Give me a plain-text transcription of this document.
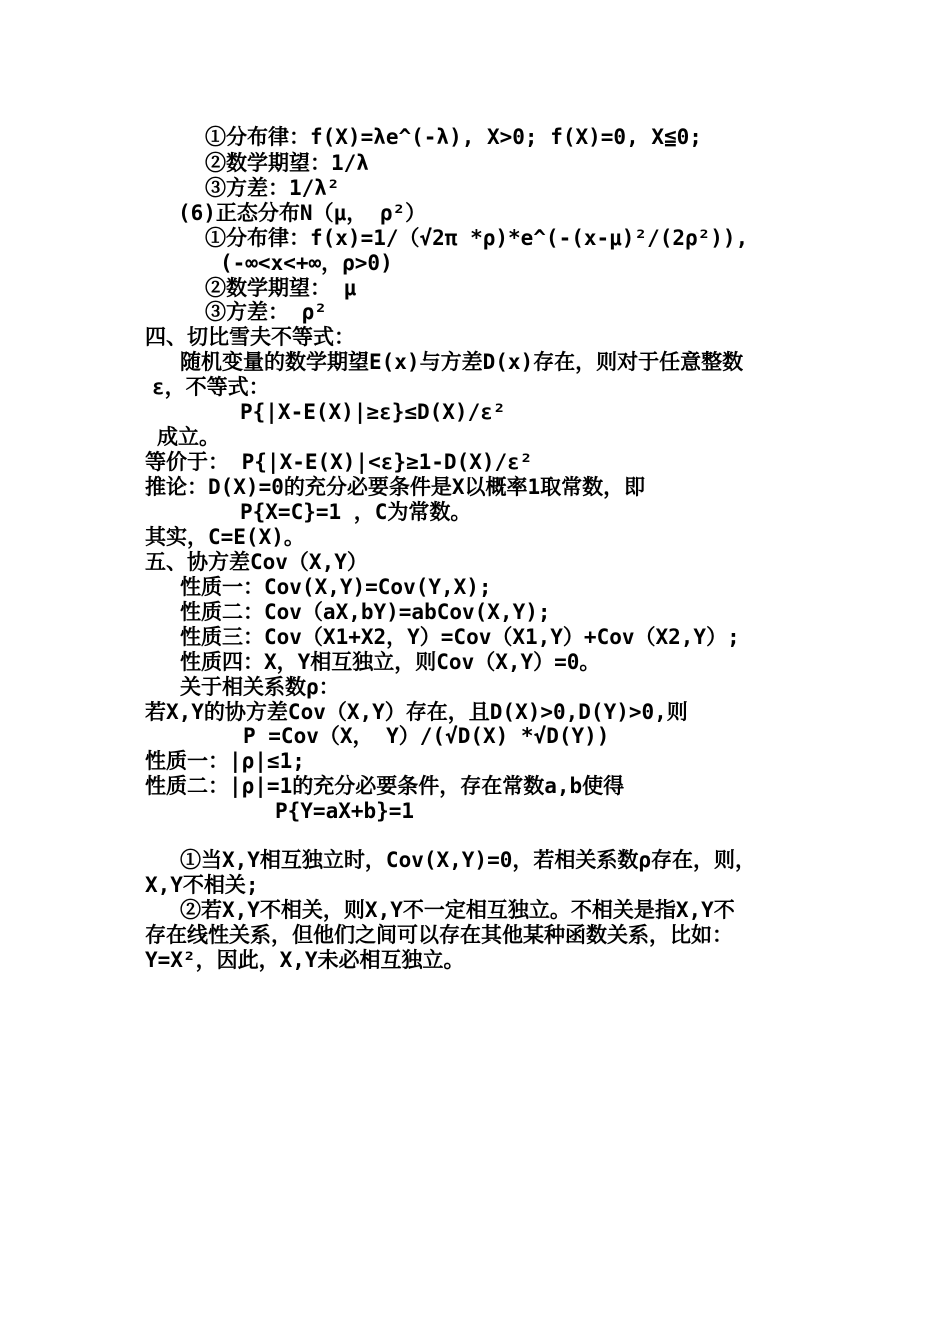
①分布律：f(X)=λe^(-λ), X>0; f(X)=0, X≦0;
②数学期望：1/λ
③方差：1/λ²
(6)正态分布N（μ， ρ²）
①分布律：f(x)=1/（√2π *ρ)*e^(-(x-μ)²/(2ρ²)),
(-∞<x<+∞，ρ>0)
②数学期望： μ
③方差： ρ²
四、切比雪夫不等式：
随机变量的数学期望E(x)与方差D(x)存在，则对于任意整数
ε，不等式：
P{|X-E(X)|≥ε}≤D(X)/ε²
成立。
等价于： P{|X-E(X)|<ε}≥1-D(X)/ε²
推论：D(X)=0的充分必要条件是X以概率1取常数，即
P{X=C}=1 ，C为常数。
其实，C=E(X)。
五、协方差Cov（X,Y）
性质一：Cov(X,Y)=Cov(Y,X);
性质二：Cov（aX,bY)=abCov(X,Y);
性质三：Cov（X1+X2，Y）=Cov（X1,Y）+Cov（X2,Y）;
性质四：X，Y相互独立，则Cov（X,Y）=0。
关于相关系数ρ：
若X,Y的协方差Cov（X,Y）存在，且D(X)>0,D(Y)>0,则
P =Cov（X， Y）/(√D(X) *√D(Y))
性质一：|ρ|≤1;
性质二：|ρ|=1的充分必要条件，存在常数a,b使得
P{Y=aX+b}=1
①当X,Y相互独立时，Cov(X,Y)=0，若相关系数ρ存在，则，
X,Y不相关;
②若X,Y不相关，则X,Y不一定相互独立。不相关是指X,Y不
存在线性关系，但他们之间可以存在其他某种函数关系，比如：
Y=X²，因此，X,Y未必相互独立。
